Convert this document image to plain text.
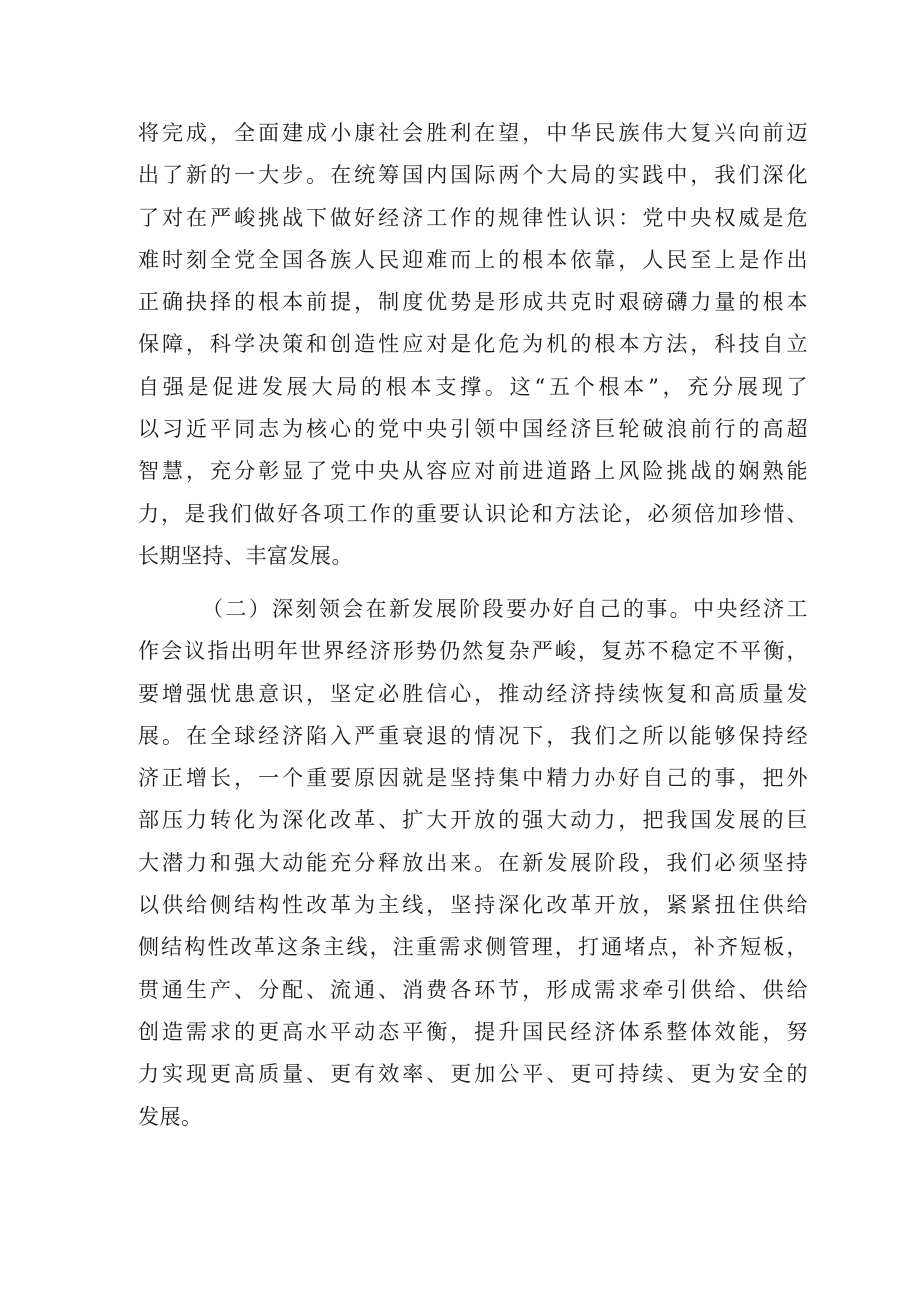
将完成，全面建成小康社会胜利在望，中华民族伟大复兴向前迈
出了新的一大步。在统筹国内国际两个大局的实践中，我们深化
了对在严峻挑战下做好经济工作的规律性认识：党中央权威是危
难时刻全党全国各族人民迎难而上的根本依靠，人民至上是作出
正确抉择的根本前提，制度优势是形成共克时艰磅礴力量的根本
保障，科学决策和创造性应对是化危为机的根本方法，科技自立
自强是促进发展大局的根本支撑。这“五个根本”，充分展现了
以习近平同志为核心的党中央引领中国经济巨轮破浪前行的高超
智慧，充分彰显了党中央从容应对前进道路上风险挑战的娴熟能
力，是我们做好各项工作的重要认识论和方法论，必须倍加珍惜、
长期坚持、丰富发展。
（二）深刻领会在新发展阶段要办好自己的事。中央经济工
作会议指出明年世界经济形势仍然复杂严峻，复苏不稳定不平衡，
要增强忧患意识，坚定必胜信心，推动经济持续恢复和高质量发
展。在全球经济陷入严重衰退的情况下，我们之所以能够保持经
济正增长，一个重要原因就是坚持集中精力办好自己的事，把外
部压力转化为深化改革、扩大开放的强大动力，把我国发展的巨
大潜力和强大动能充分释放出来。在新发展阶段，我们必须坚持
以供给侧结构性改革为主线，坚持深化改革开放，紧紧扭住供给
侧结构性改革这条主线，注重需求侧管理，打通堵点，补齐短板，
贯通生产、分配、流通、消费各环节，形成需求牵引供给、供给
创造需求的更高水平动态平衡，提升国民经济体系整体效能，努
力实现更高质量、更有效率、更加公平、更可持续、更为安全的
发展。
